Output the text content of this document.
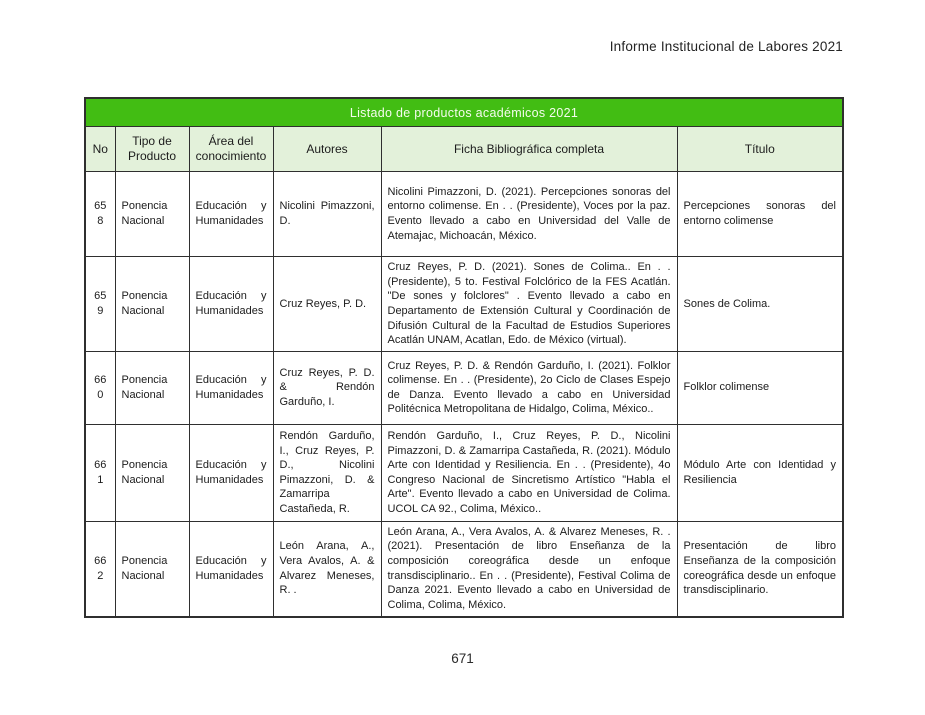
Informe Institucional de Labores 2021
Listado de productos académicos 2021					
No	Tipo de Producto	Área del conocimiento	Autores	Ficha Bibliográfica completa	Título
658	Ponencia Nacional	Educación y Humanidades	Nicolini Pimazzoni, D.	Nicolini Pimazzoni, D. (2021). Percepciones sonoras del entorno colimense. En . . (Presidente), Voces por la paz. Evento llevado a cabo en Universidad del Valle de Atemajac, Michoacán, México.	Percepciones sonoras del entorno colimense
659	Ponencia Nacional	Educación y Humanidades	Cruz Reyes, P. D.	Cruz Reyes, P. D. (2021). Sones de Colima.. En . . (Presidente), 5 to. Festival Folclórico de la FES Acatlán. "De sones y folclores" . Evento llevado a cabo en Departamento de Extensión Cultural y Coordinación de Difusión Cultural de la Facultad de Estudios Superiores Acatlán UNAM, Acatlan, Edo. de México (virtual).	Sones de Colima.
660	Ponencia Nacional	Educación y Humanidades	Cruz Reyes, P. D. & Rendón Garduño, I.	Cruz Reyes, P. D. & Rendón Garduño, I. (2021). Folklor colimense. En . . (Presidente), 2o Ciclo de Clases Espejo de Danza. Evento llevado a cabo en Universidad Politécnica Metropolitana de Hidalgo, Colima, México..	Folklor colimense
661	Ponencia Nacional	Educación y Humanidades	Rendón Garduño, I., Cruz Reyes, P. D., Nicolini Pimazzoni, D. & Zamarripa Castañeda, R.	Rendón Garduño, I., Cruz Reyes, P. D., Nicolini Pimazzoni, D. & Zamarripa Castañeda, R. (2021). Módulo Arte con Identidad y Resiliencia. En . . (Presidente), 4o Congreso Nacional de Sincretismo Artístico "Habla el Arte". Evento llevado a cabo en Universidad de Colima. UCOL CA 92., Colima, México..	Módulo Arte con Identidad y Resiliencia
662	Ponencia Nacional	Educación y Humanidades	León Arana, A., Vera Avalos, A. & Alvarez Meneses, R. .	León Arana, A., Vera Avalos, A. & Alvarez Meneses, R. . (2021). Presentación de libro Enseñanza de la composición coreográfica desde un enfoque transdisciplinario.. En . . (Presidente), Festival Colima de Danza 2021. Evento llevado a cabo en Universidad de Colima, Colima, México.	Presentación de libro Enseñanza de la composición coreográfica desde un enfoque transdisciplinario.
671
